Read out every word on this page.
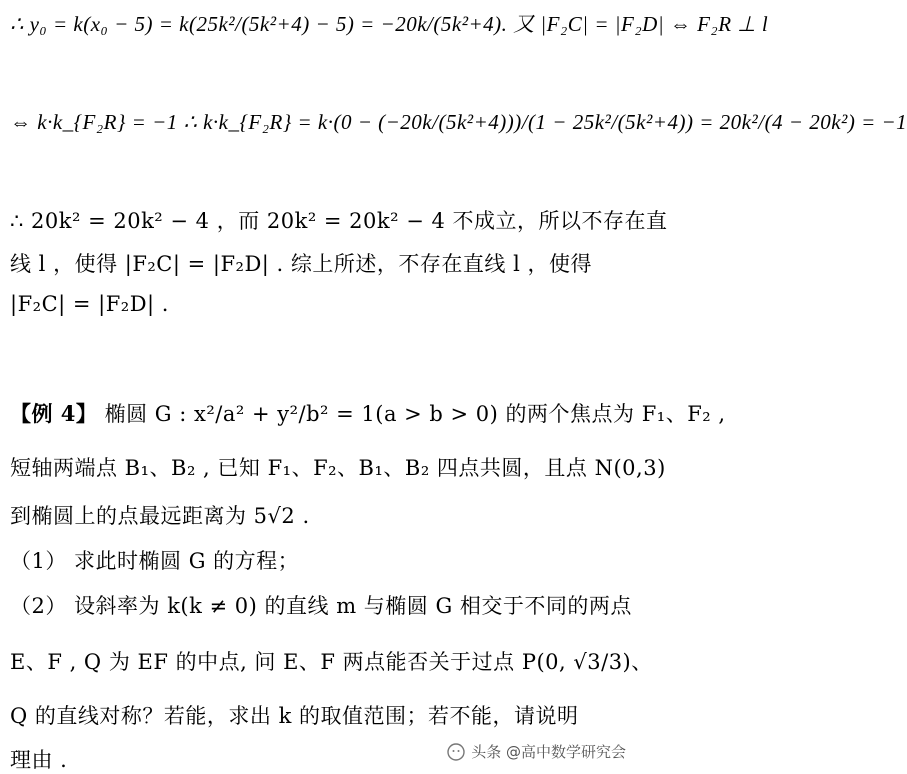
∴ y₀ = k(x₀ − 5) = k(25k²/(5k²+4) − 5) = −20k/(5k²+4). 又 |F₂C| = |F₂D| ⇔ F₂R ⊥ l
⇔ k·k_{F₂R} = −1 ∴ k·k_{F₂R} = k·(0 − (−20k/(5k²+4)))/(1 − 25k²/(5k²+4)) = 20k²/(4 − 20k²) = −1
∴ 20k² = 20k² − 4 ，而 20k² = 20k² − 4 不成立，所以不存在直
线 l ，使得 |F₂C| = |F₂D| . 综上所述，不存在直线 l ，使得
|F₂C| = |F₂D| .
【例 4】 椭圆 G : x²/a² + y²/b² = 1(a > b > 0) 的两个焦点为 F₁、F₂ ,
短轴两端点 B₁、B₂ , 已知 F₁、F₂、B₁、B₂ 四点共圆，且点 N(0,3)
到椭圆上的点最远距离为 5√2 .
（1） 求此时椭圆 G 的方程；
（2） 设斜率为 k(k ≠ 0) 的直线 m 与椭圆 G 相交于不同的两点
E、F , Q 为 EF 的中点, 问 E、F 两点能否关于过点 P(0, √3/3)、
Q 的直线对称？若能，求出 k 的取值范围；若不能，请说明
理由 .	头条 @高中数学研究会
